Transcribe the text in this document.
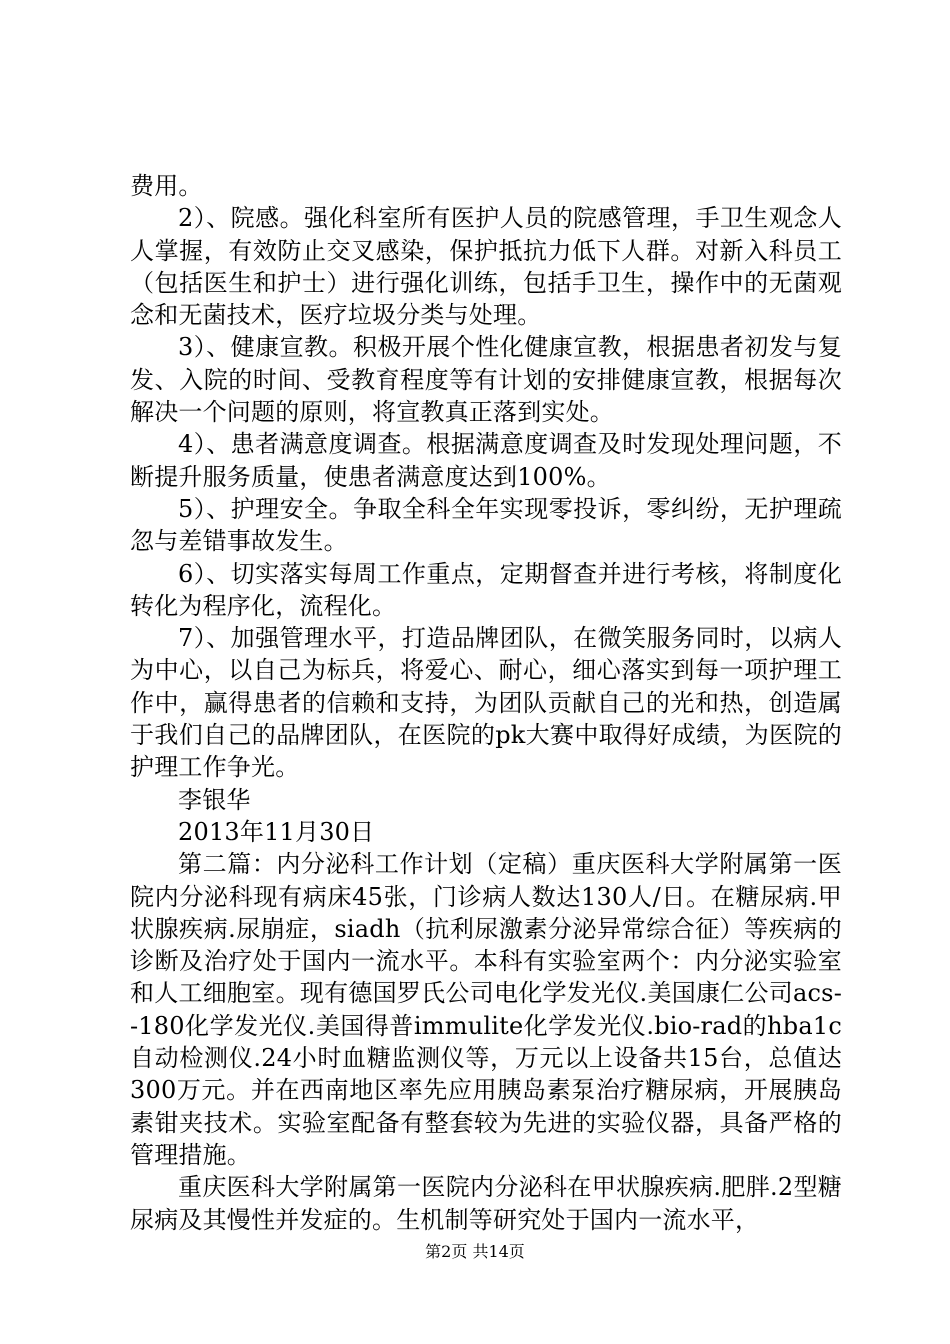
费用。

2）、院感。强化科室所有医护人员的院感管理，手卫生观念人人掌握，有效防止交叉感染，保护抵抗力低下人群。对新入科员工（包括医生和护士）进行强化训练，包括手卫生，操作中的无菌观念和无菌技术，医疗垃圾分类与处理。

3）、健康宣教。积极开展个性化健康宣教，根据患者初发与复发、入院的时间、受教育程度等有计划的安排健康宣教，根据每次解决一个问题的原则，将宣教真正落到实处。

4）、患者满意度调查。根据满意度调查及时发现处理问题，不断提升服务质量，使患者满意度达到100%。

5）、护理安全。争取全科全年实现零投诉，零纠纷，无护理疏忽与差错事故发生。

6）、切实落实每周工作重点，定期督查并进行考核，将制度化转化为程序化，流程化。

7）、加强管理水平，打造品牌团队，在微笑服务同时，以病人为中心，以自己为标兵，将爱心、耐心，细心落实到每一项护理工作中，赢得患者的信赖和支持，为团队贡献自己的光和热，创造属于我们自己的品牌团队，在医院的pk大赛中取得好成绩，为医院的护理工作争光。

李银华

2013年11月30日

第二篇：内分泌科工作计划（定稿）重庆医科大学附属第一医院内分泌科现有病床45张，门诊病人数达130人/日。在糖尿病.甲状腺疾病.尿崩症，siadh（抗利尿激素分泌异常综合征）等疾病的诊断及治疗处于国内一流水平。本科有实验室两个：内分泌实验室和人工细胞室。现有德国罗氏公司电化学发光仪.美国康仁公司acs--180化学发光仪.美国得普immulite化学发光仪.bio-rad的hba1c自动检测仪.24小时血糖监测仪等，万元以上设备共15台，总值达300万元。并在西南地区率先应用胰岛素泵治疗糖尿病，开展胰岛素钳夹技术。实验室配备有整套较为先进的实验仪器，具备严格的管理措施。

重庆医科大学附属第一医院内分泌科在甲状腺疾病.肥胖.2型糖尿病及其慢性并发症的。生机制等研究处于国内一流水平，

第2页 共14页
